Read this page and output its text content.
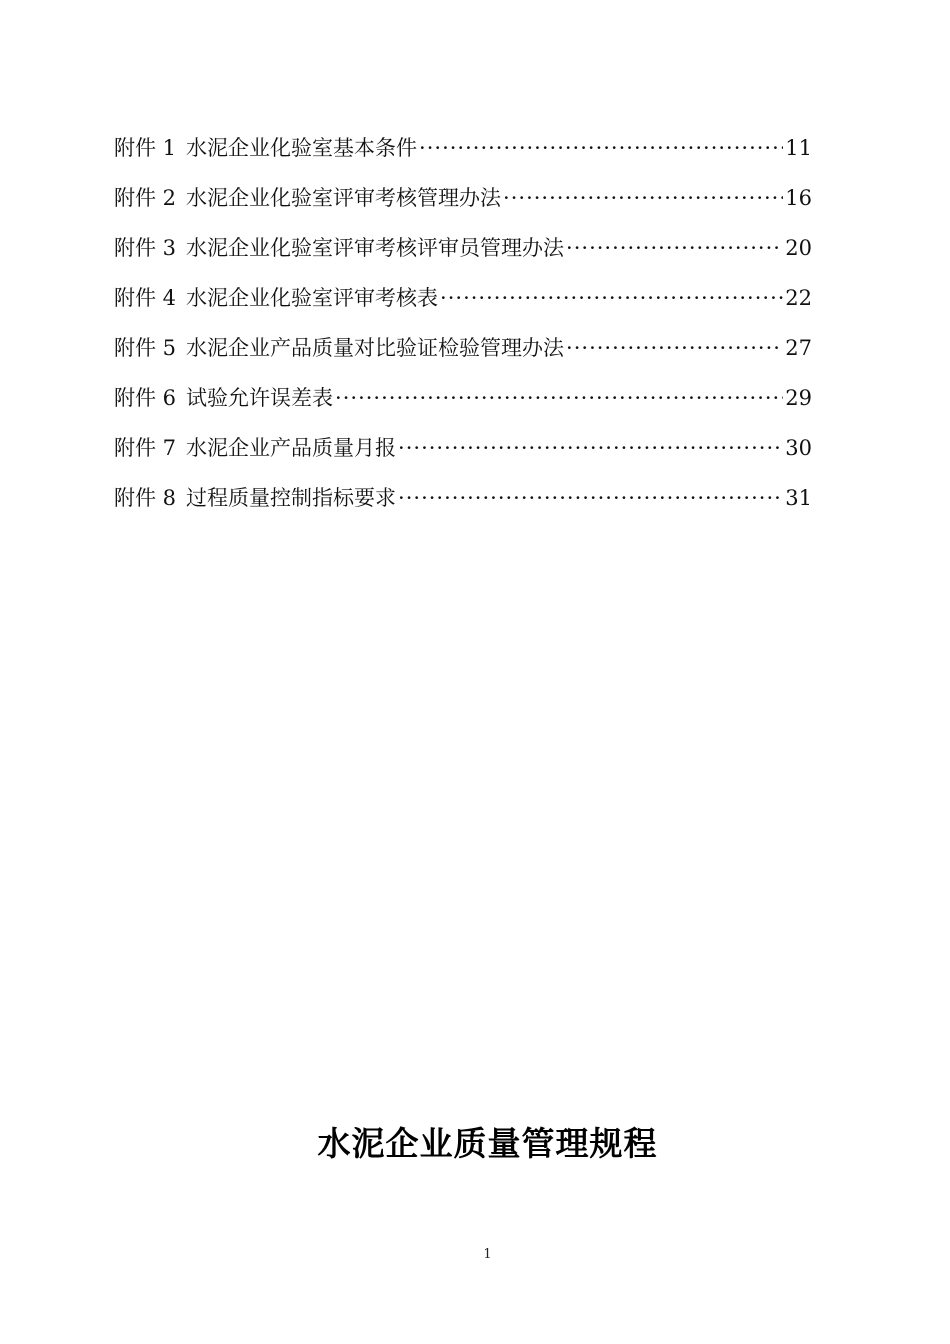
附件 1 水泥企业化验室基本条件 ·····	11
附件 2 水泥企业化验室评审考核管理办法 ·····	16
附件 3 水泥企业化验室评审考核评审员管理办法 ·····	20
附件 4 水泥企业化验室评审考核表 ·····	22
附件 5 水泥企业产品质量对比验证检验管理办法 ·····	27
附件 6 试验允许误差表 ·····	29
附件 7 水泥企业产品质量月报 ·····	30
附件 8 过程质量控制指标要求 ·····	31
水泥企业质量管理规程
1
